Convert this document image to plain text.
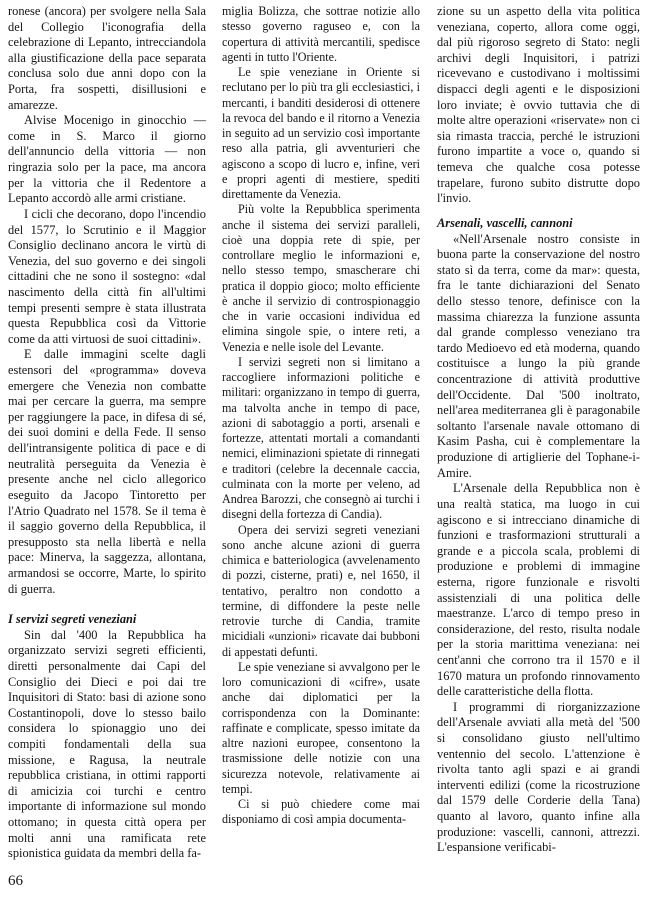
ronese (ancora) per svolgere nella Sala del Collegio l'iconografia della celebrazione di Lepanto, intrecciandola alla giustificazione della pace separata conclusa solo due anni dopo con la Porta, fra sospetti, disillusioni e amarezze.

Alvise Mocenigo in ginocchio — come in S. Marco il giorno dell'annuncio della vittoria — non ringrazia solo per la pace, ma ancora per la vittoria che il Redentore a Lepanto accordò alle armi cristiane.

I cicli che decorano, dopo l'incendio del 1577, lo Scrutinio e il Maggior Consiglio declinano ancora le virtù di Venezia, del suo governo e dei singoli cittadini che ne sono il sostegno: «dal nascimento della città fin all'ultimi tempi presenti sempre è stata illustrata questa Repubblica così da Vittorie come da atti virtuosi de suoi cittadini».

E dalle immagini scelte dagli estensori del «programma» doveva emergere che Venezia non combatte mai per cercare la guerra, ma sempre per raggiungere la pace, in difesa di sé, dei suoi domini e della Fede. Il senso dell'intransigente politica di pace e di neutralità perseguita da Venezia è presente anche nel ciclo allegorico eseguito da Jacopo Tintoretto per l'Atrio Quadrato nel 1578. Se il tema è il saggio governo della Repubblica, il presupposto sta nella libertà e nella pace: Minerva, la saggezza, allontana, armandosi se occorre, Marte, lo spirito di guerra.

I servizi segreti veneziani

Sin dal '400 la Repubblica ha organizzato servizi segreti efficienti, diretti personalmente dai Capi del Consiglio dei Dieci e poi dai tre Inquisitori di Stato: basi di azione sono Costantinopoli, dove lo stesso bailo considera lo spionaggio uno dei compiti fondamentali della sua missione, e Ragusa, la neutrale repubblica cristiana, in ottimi rapporti di amicizia coi turchi e centro importante di informazione sul mondo ottomano; in questa città opera per molti anni una ramificata rete spionistica guidata da membri della fa-

miglia Bolizza, che sottrae notizie allo stesso governo raguseo e, con la copertura di attività mercantili, spedisce agenti in tutto l'Oriente.

Le spie veneziane in Oriente si reclutano per lo più tra gli ecclesiastici, i mercanti, i banditi desiderosi di ottenere la revoca del bando e il ritorno a Venezia in seguito ad un servizio così importante reso alla patria, gli avventurieri che agiscono a scopo di lucro e, infine, veri e propri agenti di mestiere, spediti direttamente da Venezia.

Più volte la Repubblica sperimenta anche il sistema dei servizi paralleli, cioè una doppia rete di spie, per controllare meglio le informazioni e, nello stesso tempo, smascherare chi pratica il doppio gioco; molto efficiente è anche il servizio di controspionaggio che in varie occasioni individua ed elimina singole spie, o intere reti, a Venezia e nelle isole del Levante.

I servizi segreti non si limitano a raccogliere informazioni politiche e militari: organizzano in tempo di guerra, ma talvolta anche in tempo di pace, azioni di sabotaggio a porti, arsenali e fortezze, attentati mortali a comandanti nemici, eliminazioni spietate di rinnegati e traditori (celebre la decennale caccia, culminata con la morte per veleno, ad Andrea Barozzi, che consegnò ai turchi i disegni della fortezza di Candia).

Opera dei servizi segreti veneziani sono anche alcune azioni di guerra chimica e batteriologica (avvelenamento di pozzi, cisterne, prati) e, nel 1650, il tentativo, peraltro non condotto a termine, di diffondere la peste nelle retrovie turche di Candia, tramite micidiali «unzioni» ricavate dai bubboni di appestati defunti.

Le spie veneziane si avvalgono per le loro comunicazioni di «cifre», usate anche dai diplomatici per la corrispondenza con la Dominante: raffinate e complicate, spesso imitate da altre nazioni europee, consentono la trasmissione delle notizie con una sicurezza notevole, relativamente ai tempi.

Ci si può chiedere come mai disponiamo di così ampia documenta-

zione su un aspetto della vita politica veneziana, coperto, allora come oggi, dal più rigoroso segreto di Stato: negli archivi degli Inquisitori, i patrizi ricevevano e custodivano i moltissimi dispacci degli agenti e le disposizioni loro inviate; è ovvio tuttavia che di molte altre operazioni «riservate» non ci sia rimasta traccia, perché le istruzioni furono impartite a voce o, quando si temeva che qualche cosa potesse trapelare, furono subito distrutte dopo l'invio.

Arsenali, vascelli, cannoni

«Nell'Arsenale nostro consiste in buona parte la conservazione del nostro stato sì da terra, come da mar»: questa, fra le tante dichiarazioni del Senato dello stesso tenore, definisce con la massima chiarezza la funzione assunta dal grande complesso veneziano tra tardo Medioevo ed età moderna, quando costituisce a lungo la più grande concentrazione di attività produttive dell'Occidente. Dal '500 inoltrato, nell'area mediterranea gli è paragonabile soltanto l'arsenale navale ottomano di Kasim Pasha, cui è complementare la produzione di artiglierie del Tophane-i-Amire.

L'Arsenale della Repubblica non è una realtà statica, ma luogo in cui agiscono e si intrecciano dinamiche di funzioni e trasformazioni strutturali a grande e a piccola scala, problemi di produzione e problemi di immagine esterna, rigore funzionale e risvolti assistenziali di una politica delle maestranze. L'arco di tempo preso in considerazione, del resto, risulta nodale per la storia marittima veneziana: nei cent'anni che corrono tra il 1570 e il 1670 matura un profondo rinnovamento delle caratteristiche della flotta.

I programmi di riorganizzazione dell'Arsenale avviati alla metà del '500 si consolidano giusto nell'ultimo ventennio del secolo. L'attenzione è rivolta tanto agli spazi e ai grandi interventi edilizi (come la ricostruzione dal 1579 delle Corderie della Tana) quanto al lavoro, quanto infine alla produzione: vascelli, cannoni, attrezzi. L'espansione verificabi-

66
